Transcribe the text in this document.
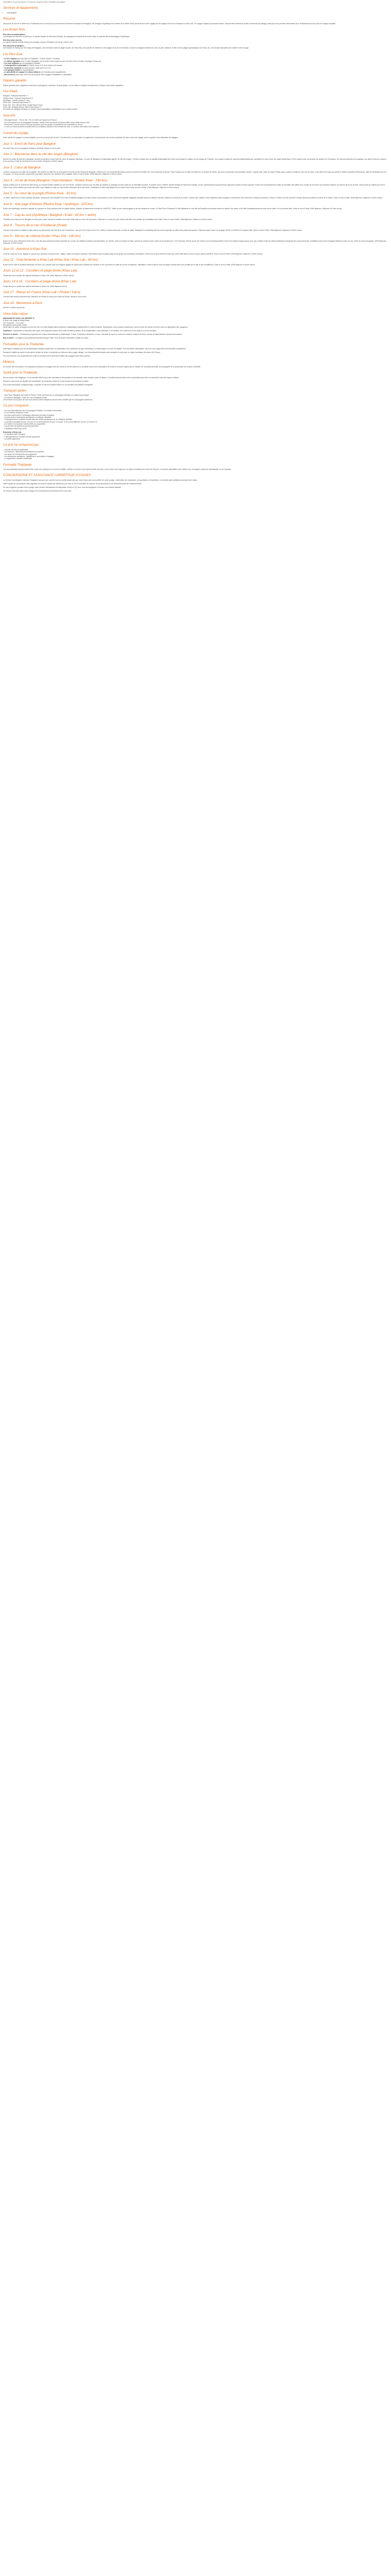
Description Ce prix comprend / Ce prix ne comprend pas Formalités Conseigner
Services et équipements
• Conciergerie
Résumé

Découvrez le nord et le centre de la Thaïlande avec ce circuit qui vous emmène à travers les temples de Bangkok, les vestiges d'Ayutthaya et la nature de la rivière Kwai, avant de finir votre voyage sur les plages de la mer d'Andaman à Khao Lak. Un voyage complet qui associe culture, découvertes, détente au soleil et moments de partage, idéal pour une première découverte de la Thaïlande avec une prise en charge complète.

Les temps forts
Des sites incontournables :

Les temples de Wat Pho et Wat Arun, le marché flottant de Damnoen Saduak, les paysages luxuriants de la rivière Kwai, le superbe site archéologique d'Ayutthaya.

Des lieux plus secrets :

Le marché insolite de Mae Klong, les cascades du parc d'Erawan et le lac de Cheow Larn.

Des moments privilégiés :

Une balade en bateau sur les klongs de Bangkok, une immersion dans la jungle du parc de Khao Sok, une journée de détente sur les plages de la mer d'Andaman, la nuit en bungalow flottant au cœur du parc national, et bien sûr les plages paradisiaques de Khao Lak, une escale reposante pour clôturer votre voyage.

Les Plus Asia
- Ce tiré original pour découvrir la Thaïlande : Culture, Nature, Farniente
- Le rythme agréable avec 2 nuits à Bangkok, sur la rivière Kwai et dans le parc de Khao Sok et 8 nuits à la plage à Khao Lak
- Les vols réguliers sur la compagnie Emirates
- L'hébergement confortable en hôtels 3*sup et 4* et en bateau de charme
- La pension complète ou demi-pension (sauf jours 14 à 17)
- Les groupes limités à 18 participants
- Le possibilité de voyager en classe Affaires sur Emirates (avec supplément)
- Nos services Asia Expo 24/24 tout au long de votre voyage et assistance à destination
Départs garantis

Départ garantis avec supplément minimum 6 participants, maximum 18 participants, sur les dates de départs mentionnées ci-dessus (hors dates signalées).

Vos hôtels
Bangkok : Ramada Riverside 4*
Rivière Kwai : Floatotel Kwai Resort 3*
Ayutthaya : Classic Kameo 3* sup
Khao Sok : Khaosok Hilly Resort 3*
Khao Sok : The Cliff and River Jungle Resort 3*sup
Khao Lak : Mukdara Beach Villa & Spa Resort 4*
Ou hôtels de catégorie similaire en fonction des disponibilités. Classification aux normes locales.
Asia info
- Décalage horaire : +5h en été / +6h en hiver par rapport à la France.
- Les vols réguliers de la compagnie Emirates : départ Paris via Dubaï en Airbus A380, durée totale environ 16h.
- Pourboires : prévoir environ 30 € par personne pour les guides et chauffeurs sur l'ensemble du circuit.
- Le tour du circuit peut être modifié selon les conditions locales et les horaires de vols. Le contenu des visites sera respecté.
Carnet de voyage

Votre carnet de voyage en version digitale vous sera envoyé par courriel. Sur demande, et moyennant un supplément, Asia propose une version imprimée de votre carnet de voyage, avec un guide et des étiquettes de bagages.

Jour 1 : Envol de Paris pour Bangkok

Envol de Paris sur la compagnie Emirates via Dubaï. Repas et nuit à bord.

Jour 2 : Bienvenue dans la cité des Anges (Bangkok)

Arrivée en milieu de journée à Bangkok. Accueil et transfert à votre hôtel au cœur du quartier historique. Le nom de Bangkok en thaïlandais signifie "la cité des Anges". Premier contact avec la capitale thaïlandaise lors d'une promenade en bateau sur les klongs de Thonburi, ces canaux bordés de maisons traditionnelles qui constituent le cœur d'une vie locale authentique. En fin d'après-midi, découverte du quartier de Chinatown, l'un des plus animés de la capitale, aux allées riches en saveurs et en couleurs. Dîner de bienvenue et nuit à l'hôtel. (Déjeuner et Dîner inclus)

Jour 3 : Cœur de Bangkok

Journée consacrée à la visite de la capitale. Découverte du Wat Pho, le plus grand et le plus ancien temple de Bangkok, célèbre pour son immense Bouddha couché recouvert de feuilles d'or. Puis traversée du fleuve Chao Phraya pour la visite du Wat Arun, le temple de l'Aube, aux tours recouvertes de porcelaine colorée. L'après-midi, visite du Grand Palais royal, ancienne résidence des rois de Siam, et du Wat Phra Kaew qui abrite le célèbre Bouddha d'Émeraude, objet de vénération de tout un peuple. En fin de journée, temps libre pour flâner dans les rues animées de la capitale. Dîner et nuit à l'hôtel. (Petit déjeuner, Déjeuner et Dîner inclus)

Jour 4 : Un air de Kwai (Bangkok / Kanchanaburi - Rivière Kwai - 230 km)

Départ matinal pour le marché de Mae Klong, un marché insolite installé sur une voie ferrée : plusieurs fois par jour, les étals se replient au passage du train avant de se réinstaller aussitôt. Poursuite vers le célèbre marché flottant de Damnoen Saduak, où les commerçants proposent fruits, légumes et plats sur leurs barques. Route vers Kanchanaburi et visite du cimetière des Alliés et du musée de la Guerre qui retracent l'histoire du chemin de fer de la mort. Découverte du célèbre pont de la rivière Kwai, rendu célèbre par le film de David Lean. Balade en train sur une section historique de la voie ferrée. Installation à votre hôtel flottant sur la rivière Kwai. Dîner et nuit à l'hôtel. (Petit déjeuner, Déjeuner et Dîner inclus)

Jour 5 : Au cœur de la jungle (Rivière Kwai - 60 km)

Le matin, départ pour le parc national d'Erawan, réputé pour ses cascades aux eaux cristallines étagées sur sept niveaux successifs au cœur d'une forêt tropicale. Baignade possible dans les bassins naturels. Déjeuner au bord de la rivière. L'après-midi, balade à dos d'éléphant dans la jungle ou découverte des environs en radeau de bambou. Retour à l'hôtel en fin de journée et temps libre pour profiter du calme de la rivière. Dîner et nuit à l'hôtel. (Petit déjeuner, Déjeuner et Dîner inclus)

Jour 6 : Une page d'histoire (Rivière Kwai / Ayutthaya - 225 km)

Route vers Ayutthaya, ancienne capitale du royaume de Siam pendant plus de quatre siècles, classée au patrimoine mondial de l'UNESCO. Visite du site archéologique et de ses temples en ruines : le Wat Phra Si Sanphet, le Wat Mahathat où une tête de Bouddha est enlacée dans les racines d'un arbre, et le Wat Chaiwatthanaram au bord de la rivière. Fin de journée libre. Dîner et nuit à l'hôtel. (Petit déjeuner, Déjeuner et Dîner inclus)

Jour 7 : Cap au sud (Ayutthaya / Bangkok / Krabi - 60 km + avion)

Transfert pour l'aéroport de Bangkok et envol pour Krabi. Accueil et transfert vers votre hôtel situé au cœur de la province. Déjeuner en cours de route. Après-midi libre pour profiter des installations de l'hôtel. Dîner et nuit à l'hôtel. (Petit déjeuner, Déjeuner et Dîner inclus)

Jour 8 : Trésors de la mer d'Andaman (Krabi)

Journée d'excursion en bateau longue queue à la découverte des îles de la mer d'Andaman. Cap vers Koh Poda et Koh Tub, reliées à marée basse par un banc de sable. Baignade et snorkeling dans les eaux turquoise au milieu des poissons tropicaux. Déjeuner pique-nique sur la plage. Retour à l'hôtel en fin d'après-midi. Dîner et nuit à l'hôtel. (Petit déjeuner, Déjeuner et Dîner inclus)

Jour 9 : Décors de cinéma (Krabi / Khao Sok - 180 km)

Route vers le parc national de Khao Sok, l'une des plus anciennes forêts tropicales du monde, aux falaises calcaires spectaculaires. En chemin, arrêt au temple du Tigre, perché au sommet d'une colline et accessible par 1 237 marches. Arrivée au lac de Cheow Larn et embarquement à bord d'un bateau longue queue pour une croisière entre les pitons karstiques émergeant des eaux émeraude. Installation dans votre bungalow flottant au cœur du lac. Dîner et nuit au bungalow. (Petit déjeuner, Déjeuner et Dîner inclus)

Jour 10 : Aventure à Khao Sok

Lever de soleil sur le lac. Balade en canoë pour observer la faune locale : singes, calaos et oiseaux tropicaux. Randonnée dans la jungle jusqu'à une grotte aux formations étonnantes. Retour sur la terre ferme et route vers votre hôtel situé à l'orée du parc. Après-midi libre. Dîner et nuit à l'hôtel. (Petit déjeuner, Déjeuner et Dîner inclus)

Jour 11 : Total farniente à Khao Lak (Khao Sok / Khao Lak - 65 km)

Route vers la côte et la station balnéaire de Khao Lak, réputée pour ses longues plages de sable blanc bordées de cocotiers et ses couchers de soleil sur la mer d'Andaman. Installation à votre hôtel en bord de plage et temps libre pour profiter de la mer et des installations. Dîner et nuit à l'hôtel. (Petit déjeuner et Dîner inclus)

Jours 12 et 13 : Cocotiers et plage dorée (Khao Lak)

Temps libre pour profiter des plaisirs balnéaires à Khao Lak. (Petit déjeuner et Dîner inclus)

Jours 14 à 16 : Cocotiers et plage dorée (Khao Lak)

Temps libre pour profiter des plaisirs balnéaires à Khao Lak. (Petit déjeuner inclus)

Jour 17 : Retour en France (Khao Lak / Phuket / Paris)

Journée libre avant le transfert vers l'aéroport de Phuket et envol pour Paris via Dubaï. Repas et nuit à bord.

Jour 18 : Bienvenue à Paris

Arrivée en début de journée.

Votre hôtel séjour
MUKDARA BY KHAO LAK RESORT 4*
A Khao Lak, plage de Bang Niang
207 chambres - 1 à 4 pers.
Wifi gratuit partout dans l'hôtel

Niché dans un cadre verdoyant en bord de mer, cet hôtel élégant allie architecture thaïlandaise traditionnelle et confort moderne. Restaurants, bars, piscines extérieures, spa et centre de remise en forme sont à la disposition des voyageurs.

Chambres : Spacieuses et décorées avec goût, elles disposent toutes d'une salle de bains privative, de la climatisation, d'une télévision, d'un minibar, d'un coffre-fort et d'un balcon ou d'une terrasse.

Services et loisirs : 4 restaurants proposant une cuisine internationale et thaïlandaise, 3 bars, 3 piscines extérieures, un spa, une salle de sport, un club pour enfants, location de vélos, service de blanchisserie, bureau d'excursions.

Bon à savoir : La plage est accessible directement depuis l'hôtel. Taxe de séjour éventuelle à régler sur place.

Formalités pour la Thaïlande

Informations valables pour les ressortissants français uniquement, en possession d'un passeport de type biométrique ou électronique en cours de validité. Pour les autres nationalités, merci de vous rapprocher des autorités compétentes.

Passeport valable au moins 6 mois après la date de retour, comportant au minimum deux pages vierges. Les ressortissants français sont exemptés de visa pour un séjour touristique de moins de 30 jours.

Pour les mineurs, une autorisation de sortie du territoire (AST) peut être exigée s'ils voyagent sans leurs parents.

Mineurs

Un mineur doit être porteur d'un passeport individuel et voyager avec au moins un de ses parents ou un adulte muni d'une autorisation de sortie du territoire signée par un titulaire de l'autorité parentale, accompagnée de la photocopie de sa pièce d'identité.

Santé pour la Thaïlande

Aucun vaccin n'est obligatoire. Il est conseillé d'être à jour des vaccinations universelles et de consulter votre médecin avant le départ. Un traitement préventif contre le paludisme peut être recommandé selon les régions visitées.

Pensez à vous munir de répulsif anti-moustiques, de protection solaire et d'une trousse de pharmacie de base.

Pour toute information complémentaire, consultez le site de l'Institut Pasteur ou du ministère des Affaires étrangères.

Transport aérien
- Vols Paris / Bangkok via Dubaï et Phuket / Paris via Dubaï sur la compagnie Emirates, en classe économique.
- Vol intérieur Bangkok / Krabi sur une compagnie locale.

Les horaires et les plans de vols sont donnés à titre indicatif et peuvent être modifiés par les compagnies aériennes.

Ce prix comprend
- Les vols internationaux sur la compagnie Emirates, en classe économique
- Le vol intérieur Bangkok / Krabi
- Les taxes aériennes et surcharges carburant (montant révisable)
- Les transferts et transports mentionnés en véhicule climatisé
- L'hébergement en chambre double dans les hôtels mentionnés ou de catégorie similaire
- La pension complète du jour 2 au jour 10, la demi-pension du jour 11 au jour 13 et le petit déjeuner du jour 14 au jour 16
- Les visites et excursions mentionnées au programme
- Les services de guides locaux francophones
- L'assistance Asia Expo 24/24
Extension à Khao Lak :
- Le transfert hôtel / aéroport
- L'hébergement en chambre double supérieure
- Les petits déjeuners
Ce prix ne comprend pas
- Les frais de visa (si applicable)
- Les boissons, dépenses personnelles et pourboires
- Les repas non mentionnés au programme
- Les assurances assistance, rapatriement, annulation et bagages
- Le supplément chambre individuelle
Formalité Thaïlande

Les ressortissants français doivent être munis d'un passeport en cours de validité, valable au moins 6 mois après la date de retour. Aucun visa n'est exigé pour un séjour touristique de moins de 30 jours. Les autres nationalités sont invitées à se renseigner auprès de l'ambassade ou du consulat.

CONCIERGERIE ET ASSISTANCE CARREFOUR VOYAGES

Le Service Conciergerie Carrefour Voyages s'occupe pour vous de tous vos petits tracas afin que vous n'ayez plus qu'à profiter de votre voyage : réservation de restaurants, de spectacles, de transferts, ou de toute autre prestation pendant votre séjour.

Notre équipe de conciergerie reste joignable du lundi au samedi par téléphone, par mail ou via le formulaire de contact. Nous répondons à vos demandes dans les meilleurs délais.

En cas d'urgence pendant votre voyage, notre service d'assistance est disponible 24h/24 et 7j/7 pour vous accompagner et trouver une solution adaptée.

Ce service est inclus dans votre voyage et ne nécessite aucune démarche de votre part.
